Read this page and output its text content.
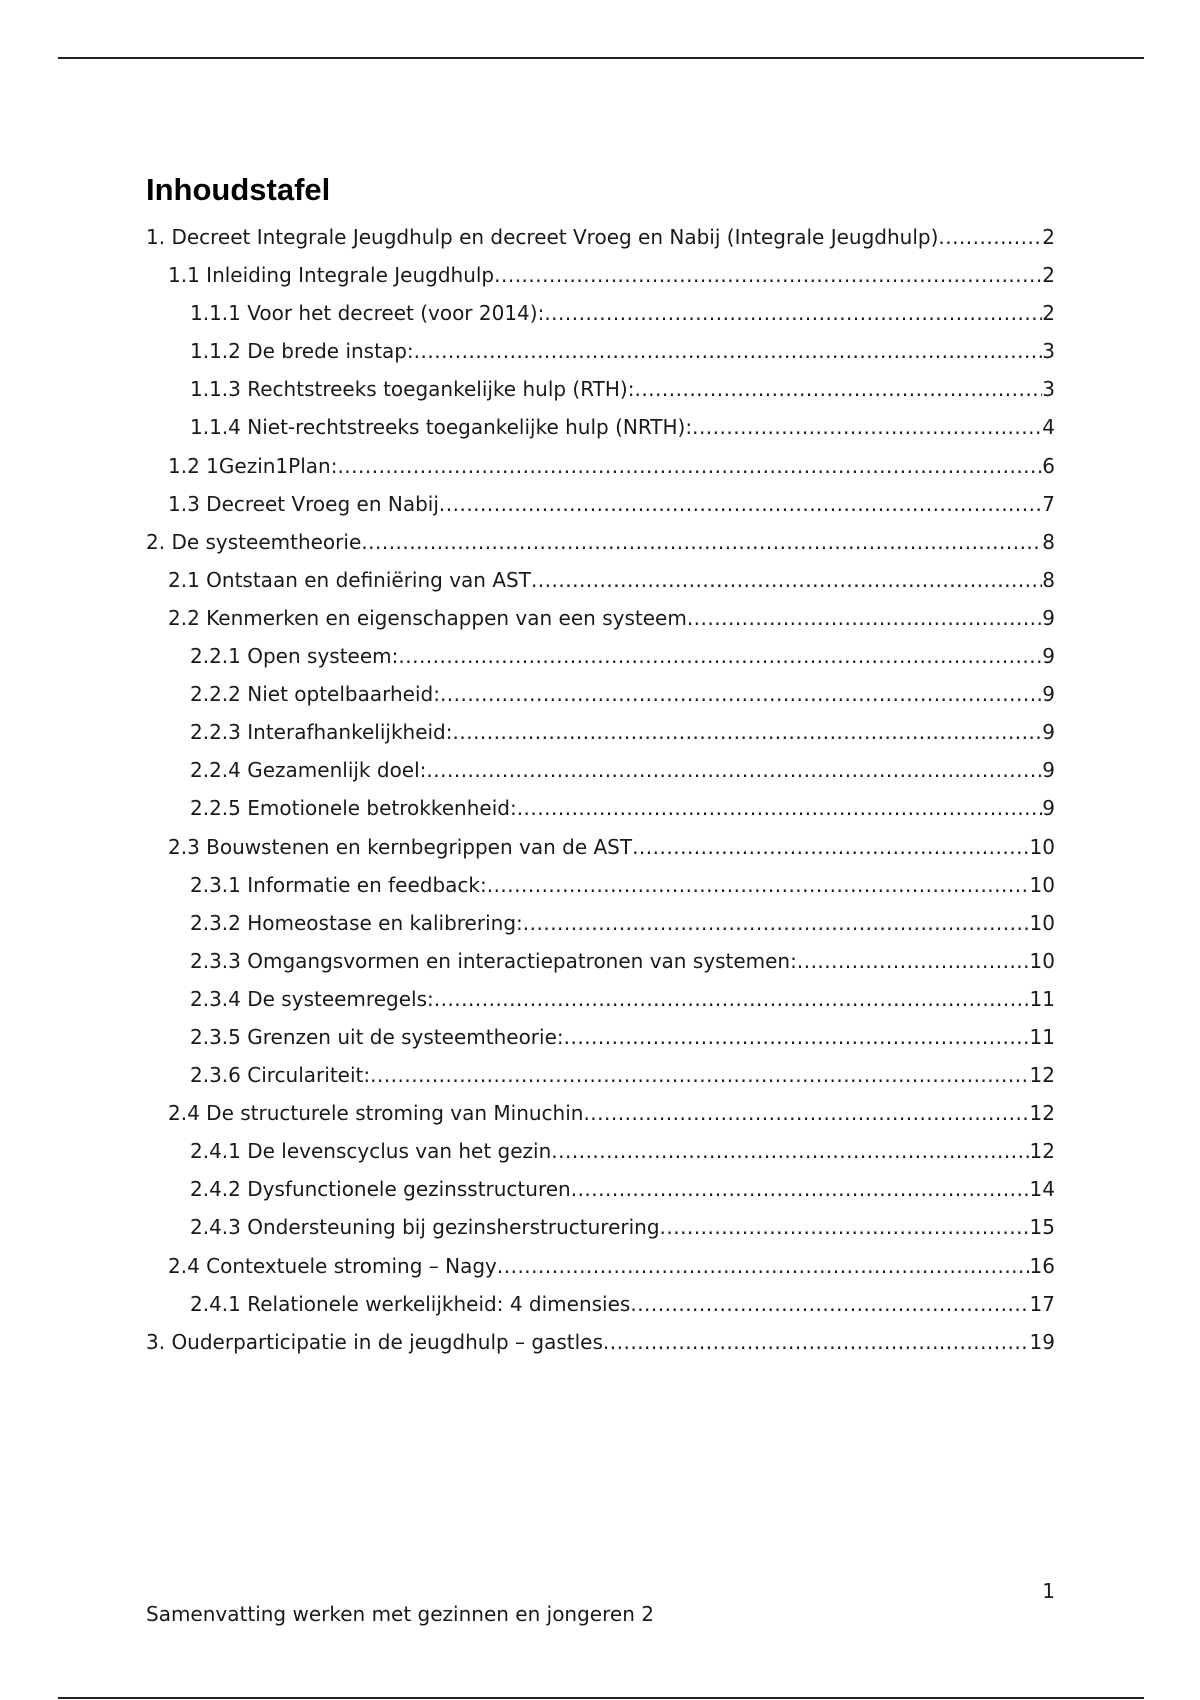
Inhoudstafel
1. Decreet Integrale Jeugdhulp en decreet Vroeg en Nabij (Integrale Jeugdhulp) .....	2
1.1 Inleiding Integrale Jeugdhulp .....	2
1.1.1 Voor het decreet (voor 2014): .....	2
1.1.2 De brede instap: .....	3
1.1.3 Rechtstreeks toegankelijke hulp (RTH): .....	3
1.1.4 Niet-rechtstreeks toegankelijke hulp (NRTH): .....	4
1.2 1Gezin1Plan: .....	6
1.3 Decreet Vroeg en Nabij .....	7
2. De systeemtheorie .....	8
2.1 Ontstaan en definiëring van AST .....	8
2.2 Kenmerken en eigenschappen van een systeem .....	9
2.2.1 Open systeem: .....	9
2.2.2 Niet optelbaarheid: .....	9
2.2.3 Interafhankelijkheid: .....	9
2.2.4 Gezamenlijk doel: .....	9
2.2.5 Emotionele betrokkenheid: .....	9
2.3 Bouwstenen en kernbegrippen van de AST .....	10
2.3.1 Informatie en feedback: .....	10
2.3.2 Homeostase en kalibrering: .....	10
2.3.3 Omgangsvormen en interactiepatronen van systemen: .....	10
2.3.4 De systeemregels: .....	11
2.3.5 Grenzen uit de systeemtheorie: .....	11
2.3.6 Circulariteit: .....	12
2.4 De structurele stroming van Minuchin .....	12
2.4.1 De levenscyclus van het gezin .....	12
2.4.2 Dysfunctionele gezinsstructuren .....	14
2.4.3 Ondersteuning bij gezinsherstructurering .....	15
2.4 Contextuele stroming – Nagy .....	16
2.4.1 Relationele werkelijkheid: 4 dimensies .....	17
3. Ouderparticipatie in de jeugdhulp – gastles .....	19
1
Samenvatting werken met gezinnen en jongeren 2
